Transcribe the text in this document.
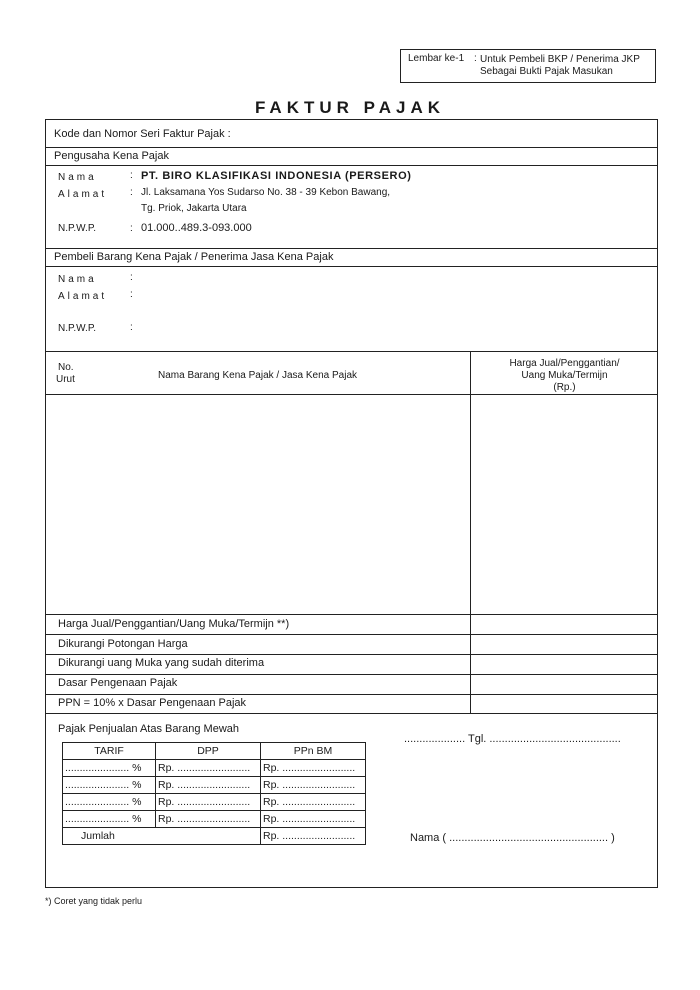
Lembar ke-1 : Untuk Pembeli BKP / Penerima JKP
Sebagai Bukti Pajak Masukan
FAKTUR PAJAK
Kode dan Nomor Seri Faktur Pajak :
Pengusaha Kena Pajak
Nama	: PT. BIRO KLASIFIKASI INDONESIA (PERSERO)
Alamat : Jl. Laksamana Yos Sudarso No. 38 - 39 Kebon Bawang,
Tg. Priok, Jakarta Utara
N.P.W.P.	: 01.000..489.3-093.000
Pembeli Barang Kena Pajak / Penerima Jasa Kena Pajak
Nama	:
Alamat :
N.P.W.P.	:
No.
Urut	Nama Barang Kena Pajak / Jasa Kena Pajak
Harga Jual/Penggantian/
Uang Muka/Termijn
(Rp.)
Harga Jual/Penggantian/Uang Muka/Termijn **)
Dikurangi Potongan Harga
Dikurangi uang Muka yang sudah diterima
Dasar Pengenaan Pajak
PPN = 10% x Dasar Pengenaan Pajak
Pajak Penjualan Atas Barang Mewah
TARIF	DPP	PPn BM
...................... %	Rp. .........................	Rp. .........................
...................... %	Rp. .........................	Rp. .........................
...................... %	Rp. .........................	Rp. .........................
...................... %	Rp. .........................	Rp. .........................
Jumlah		Rp. .........................
.................... Tgl. ...........................................
Nama ( .................................................... )
*) Coret yang tidak perlu
